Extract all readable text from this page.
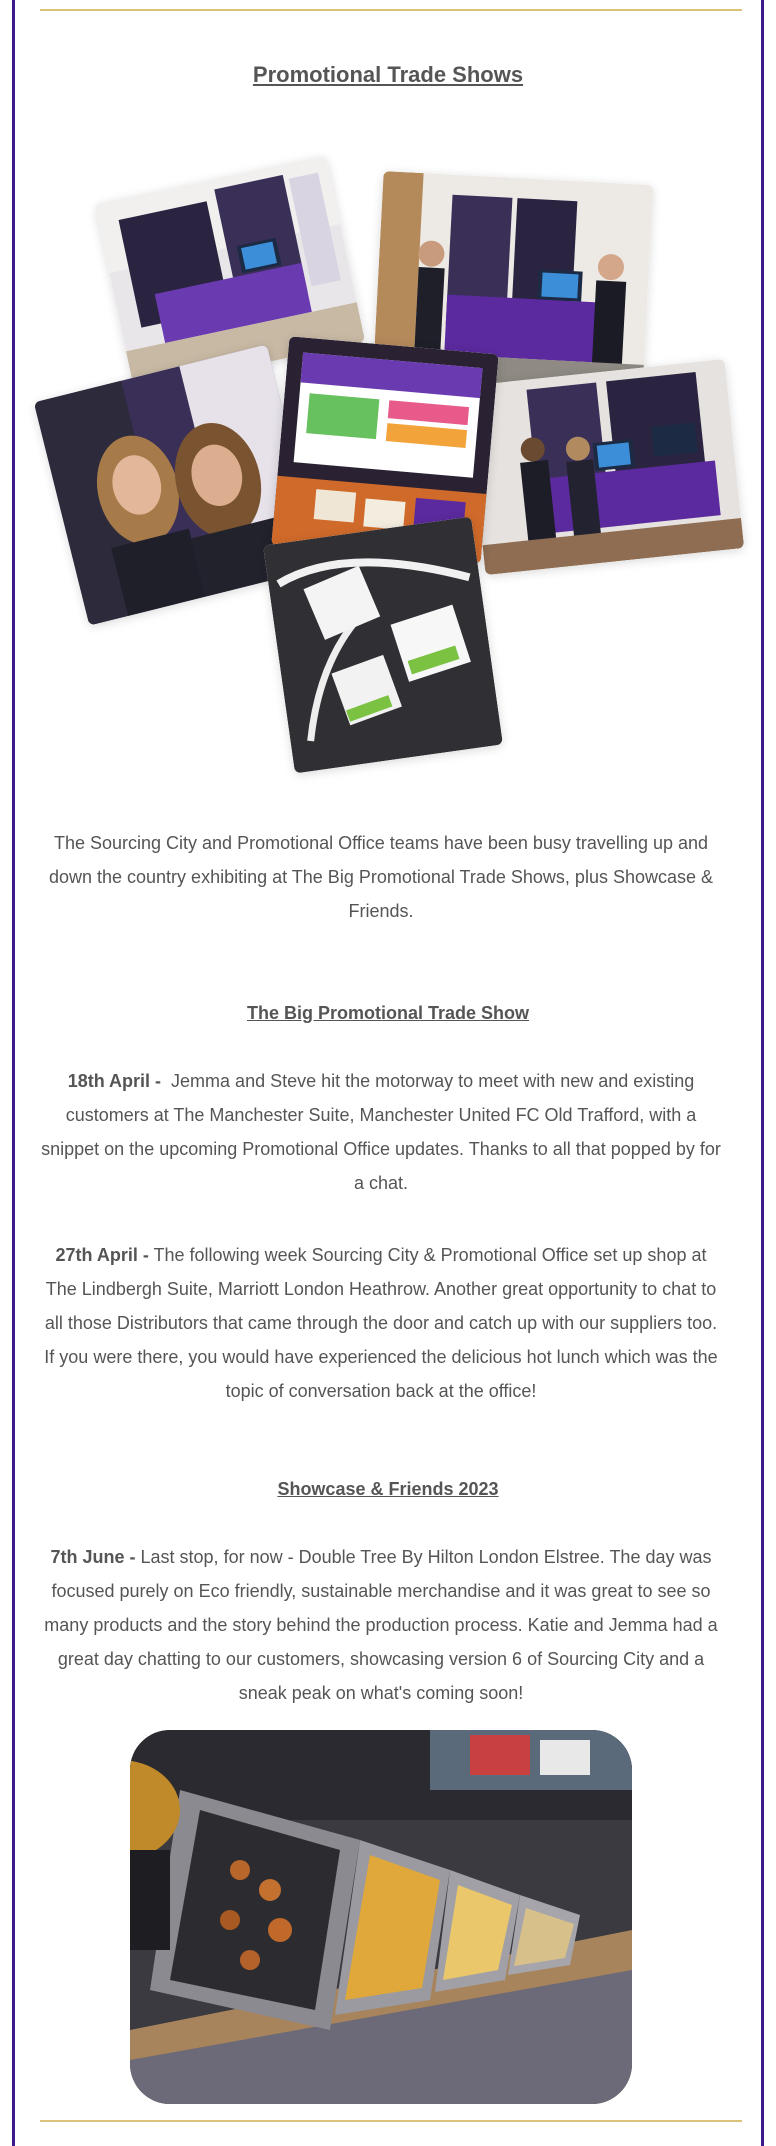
Promotional Trade Shows

The Sourcing City and Promotional Office teams have been busy travelling up and down the country exhibiting at The Big Promotional Trade Shows, plus Showcase & Friends.

The Big Promotional Trade Show

18th April - Jemma and Steve hit the motorway to meet with new and existing customers at The Manchester Suite, Manchester United FC Old Trafford, with a snippet on the upcoming Promotional Office updates. Thanks to all that popped by for a chat.

27th April - The following week Sourcing City & Promotional Office set up shop at The Lindbergh Suite, Marriott London Heathrow. Another great opportunity to chat to all those Distributors that came through the door and catch up with our suppliers too. If you were there, you would have experienced the delicious hot lunch which was the topic of conversation back at the office!

Showcase & Friends 2023

7th June - Last stop, for now - Double Tree By Hilton London Elstree. The day was focused purely on Eco friendly, sustainable merchandise and it was great to see so many products and the story behind the production process. Katie and Jemma had a great day chatting to our customers, showcasing version 6 of Sourcing City and a sneak peak on what's coming soon!
